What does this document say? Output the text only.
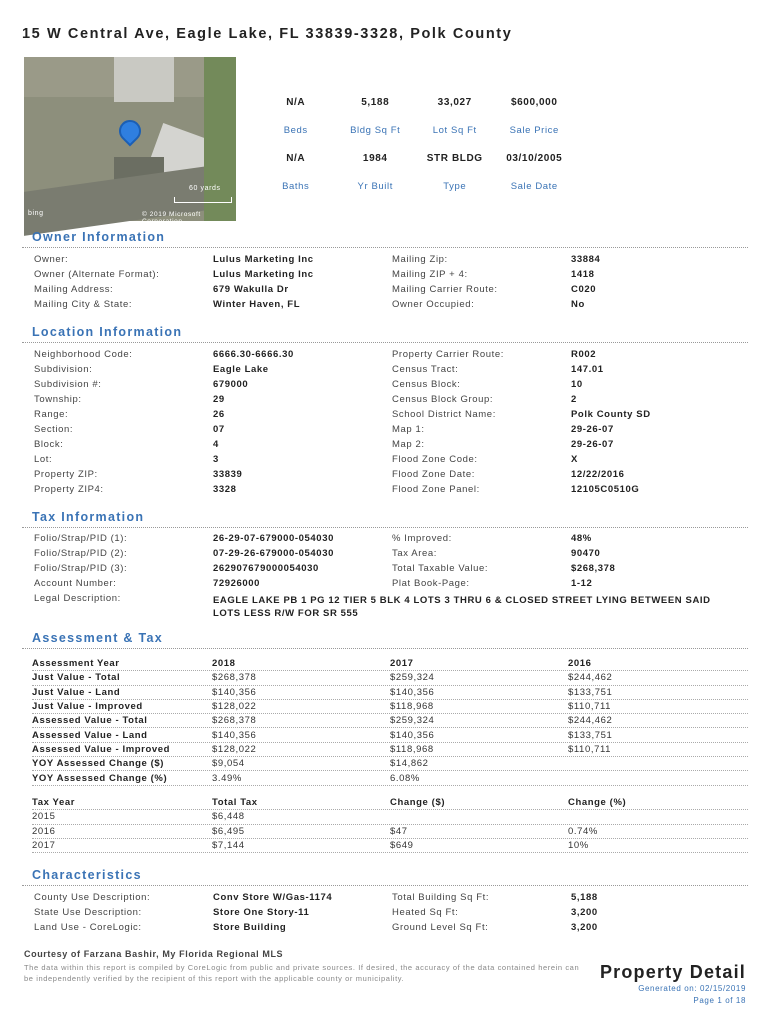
15 W Central Ave, Eagle Lake, FL 33839-3328, Polk County
60 yards
bing	© 2019 Microsoft Corporation
N/A	5,188	33,027	$600,000
Beds	Bldg Sq Ft	Lot Sq Ft	Sale Price
N/A	1984	STR BLDG	03/10/2005
Baths	Yr Built	Type	Sale Date
Owner Information
Owner:	Lulus Marketing Inc	Mailing Zip:	33884
Owner (Alternate Format):	Lulus Marketing Inc	Mailing ZIP + 4:	1418
Mailing Address:	679 Wakulla Dr	Mailing Carrier Route:	C020
Mailing City & State:	Winter Haven, FL	Owner Occupied:	No
Location Information
Neighborhood Code:	6666.30-6666.30	Property Carrier Route:	R002
Subdivision:	Eagle Lake	Census Tract:	147.01
Subdivision #:	679000	Census Block:	10
Township:	29	Census Block Group:	2
Range:	26	School District Name:	Polk County SD
Section:	07	Map 1:	29-26-07
Block:	4	Map 2:	29-26-07
Lot:	3	Flood Zone Code:	X
Property ZIP:	33839	Flood Zone Date:	12/22/2016
Property ZIP4:	3328	Flood Zone Panel:	12105C0510G
Tax Information
Folio/Strap/PID (1):	26-29-07-679000-054030	% Improved:	48%
Folio/Strap/PID (2):	07-29-26-679000-054030	Tax Area:	90470
Folio/Strap/PID (3):	262907679000054030	Total Taxable Value:	$268,378
Account Number:	72926000	Plat Book-Page:	1-12
Legal Description:	EAGLE LAKE PB 1 PG 12 TIER 5 BLK 4 LOTS 3 THRU 6 & CLOSED STREET LYING BETWEEN SAID LOTS LESS R/W FOR SR 555
Assessment & Tax
Assessment Year	2018	2017	2016
Just Value - Total	$268,378	$259,324	$244,462
Just Value - Land	$140,356	$140,356	$133,751
Just Value - Improved	$128,022	$118,968	$110,711
Assessed Value - Total	$268,378	$259,324	$244,462
Assessed Value - Land	$140,356	$140,356	$133,751
Assessed Value - Improved	$128,022	$118,968	$110,711
YOY Assessed Change ($)	$9,054	$14,862
YOY Assessed Change (%)	3.49%	6.08%
Tax Year	Total Tax	Change ($)	Change (%)
2015	$6,448
2016	$6,495	$47	0.74%
2017	$7,144	$649	10%
Characteristics
County Use Description:	Conv Store W/Gas-1174	Total Building Sq Ft:	5,188
State Use Description:	Store One Story-11	Heated Sq Ft:	3,200
Land Use - CoreLogic:	Store Building	Ground Level Sq Ft:	3,200
Courtesy of Farzana Bashir, My Florida Regional MLS
The data within this report is compiled by CoreLogic from public and private sources. If desired, the accuracy of the data contained herein can be independently verified by the recipient of this report with the applicable county or municipality.	Property Detail
Generated on: 02/15/2019
Page 1 of 18
